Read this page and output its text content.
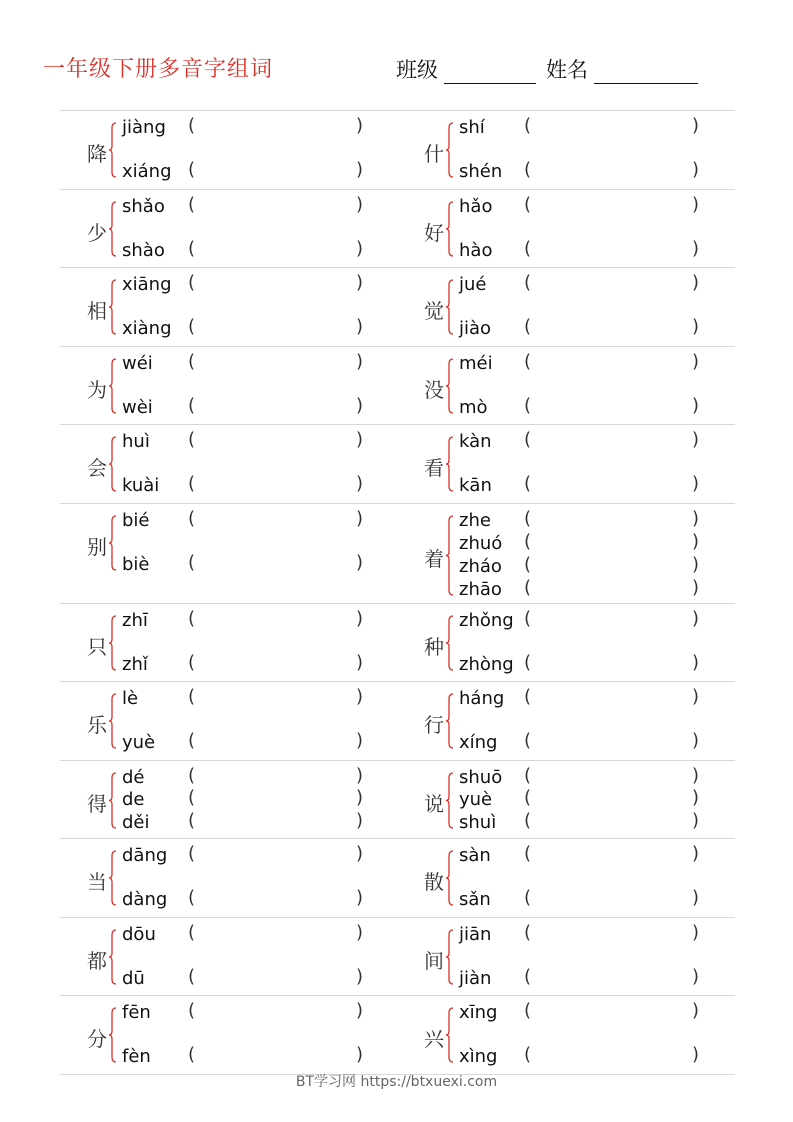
一年级下册多音字组词	班级	姓名
降
jiàng (	)
xiáng (	)
什
shí (	)
shén (	)
少
shǎo (	)
shào (	)
好
hǎo (	)
hào (	)
相
xiāng (	)
xiàng (	)
觉
jué (	)
jiào (	)
为
wéi (	)
wèi (	)
没
méi (	)
mò (	)
会
huì (	)
kuài (	)
看
kàn (	)
kān (	)
别
bié (	)
biè (	)	着
zhe (	)
zhuó (	)
zháo (	)
zhāo (	)
只
zhī (	)
zhǐ (	)
种
zhǒng (	)
zhòng (	)
乐
lè	(	)
yuè (	)
行
háng (	)
xíng (	)
得
dé (	)
de (	)
děi (	)
说
shuō (	)
yuè (	)
shuì (	)
当
dāng (	)
dàng (	)
散
sàn (	)
sǎn (	)
都
dōu (	)
dū (	)
间
jiān (	)
jiàn (	)
分
fēn (	)
fèn (	)
兴
xīng (	)
xìng (	)
BT学习网 https://btxuexi.com
